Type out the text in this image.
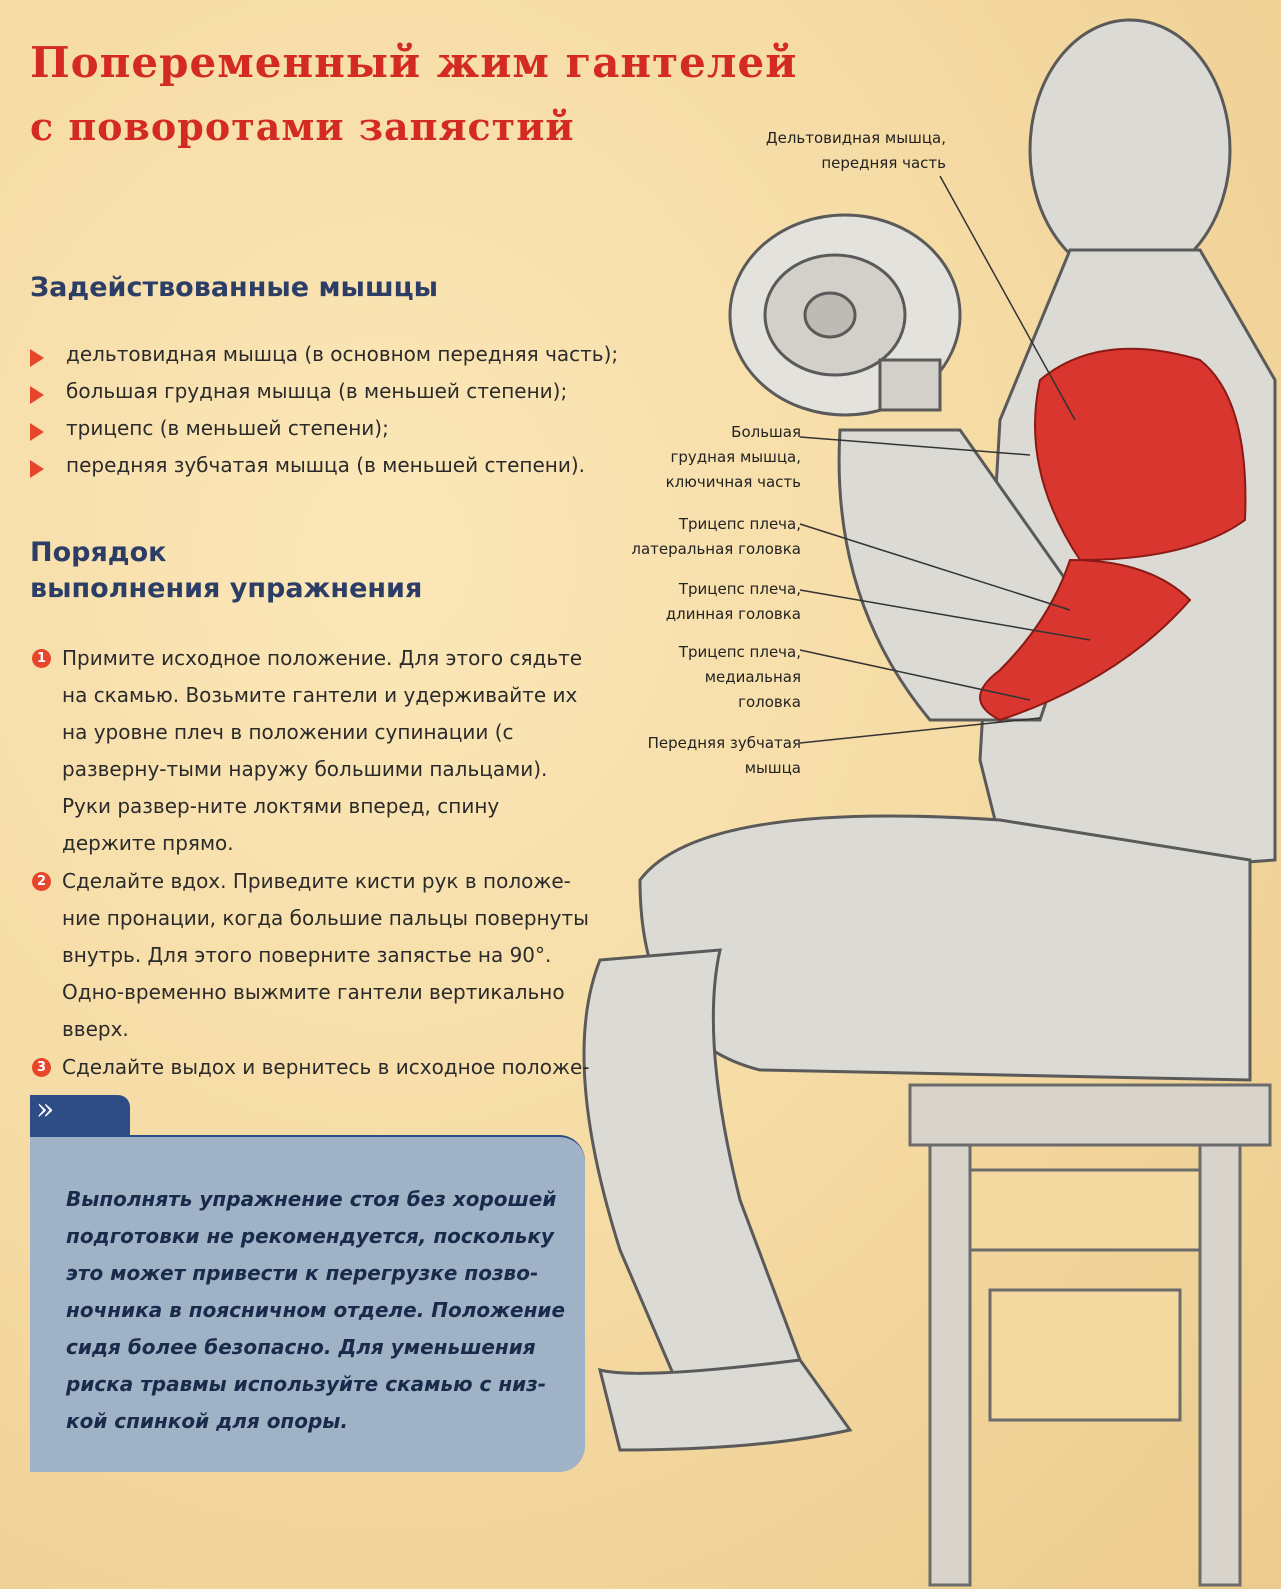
Попеременный жим гантелей
с поворотами запястий
Задействованные мышцы
дельтовидная мышца (в основном передняя часть);
большая грудная мышца (в меньшей степени);
трицепс (в меньшей степени);
передняя зубчатая мышца (в меньшей степени).
Порядок
выполнения упражнения
1 Примите исходное положение. Для этого сядьте на скамью. Возьмите гантели и удерживайте их на уровне плеч в положении супинации (с разверну-тыми наружу большими пальцами). Руки развер-ните локтями вперед, спину держите прямо.
2 Сделайте вдох. Приведите кисти рук в положе-ние пронации, когда большие пальцы повернуты внутрь. Для этого поверните запястье на 90°. Одно-временно выжмите гантели вертикально вверх.
3 Сделайте выдох и вернитесь в исходное положе-
»

Выполнять упражнение стоя без хорошей подготовки не рекомендуется, поскольку это может привести к перегрузке позво-ночника в поясничном отделе. Положение сидя более безопасно. Для уменьшения риска травмы используйте скамью с низ-кой спинкой для опоры.

Дельтовидная мышца,
передняя часть
Большая
грудная мышца,
ключичная часть
Трицепс плеча,
латеральная головка
Трицепс плеча,
длинная головка
Трицепс плеча,
медиальная
головка
Передняя зубчатая
мышца
